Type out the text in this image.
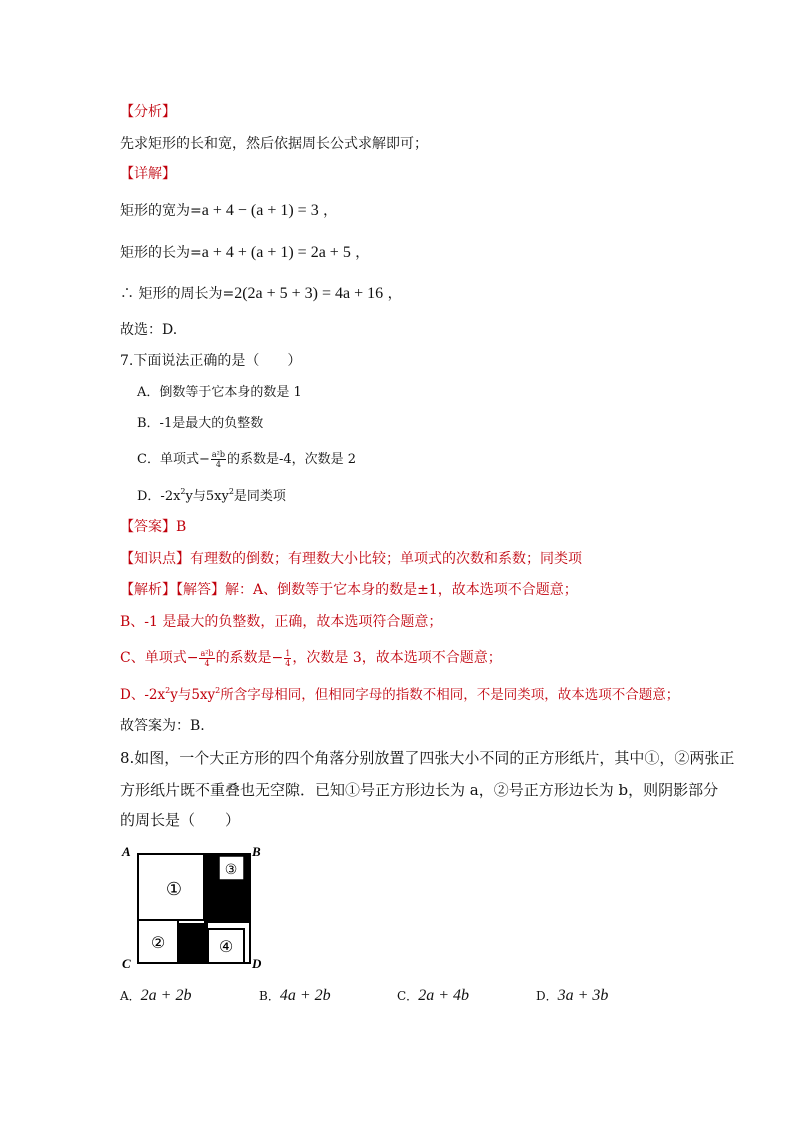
【分析】
先求矩形的长和宽，然后依据周长公式求解即可；
【详解】
矩形的宽为=a + 4 − (a + 1) = 3 ，
矩形的长为=a + 4 + (a + 1) = 2a + 5 ，
∴ 矩形的周长为=2(2a + 5 + 3) = 4a + 16 ，
故选：D.
7.下面说法正确的是（　　）
A．倒数等于它本身的数是 1
B．-1是最大的负整数
C．单项式− $\frac{\text{a²b}}{4}$ 的系数是-4，次数是 2
D．$-2x^2y$与$5xy^2$是同类项
【答案】B
【知识点】有理数的倒数；有理数大小比较；单项式的次数和系数；同类项
【解析】【解答】解：A、倒数等于它本身的数是±1，故本选项不合题意；
B、-1 是最大的负整数，正确，故本选项符合题意；
C、单项式− $\frac{\text{a²b}}{4}$ 的系数是− $\frac{1}{4}$ ，次数是 3，故本选项不合题意；
D、$-2x^2y$与$5xy^2$所含字母相同，但相同字母的指数不相同，不是同类项，故本选项不合题意；
故答案为：B.
8.如图，一个大正方形的四个角落分别放置了四张大小不同的正方形纸片，其中①，②两张正
方形纸片既不重叠也无空隙．已知①号正方形边长为 a，②号正方形边长为 b，则阴影部分
的周长是（　　）
①
②
③
④
A	B
C	D
A．2a + 2b	B．4a + 2b	C．2a + 4b	D．3a + 3b
